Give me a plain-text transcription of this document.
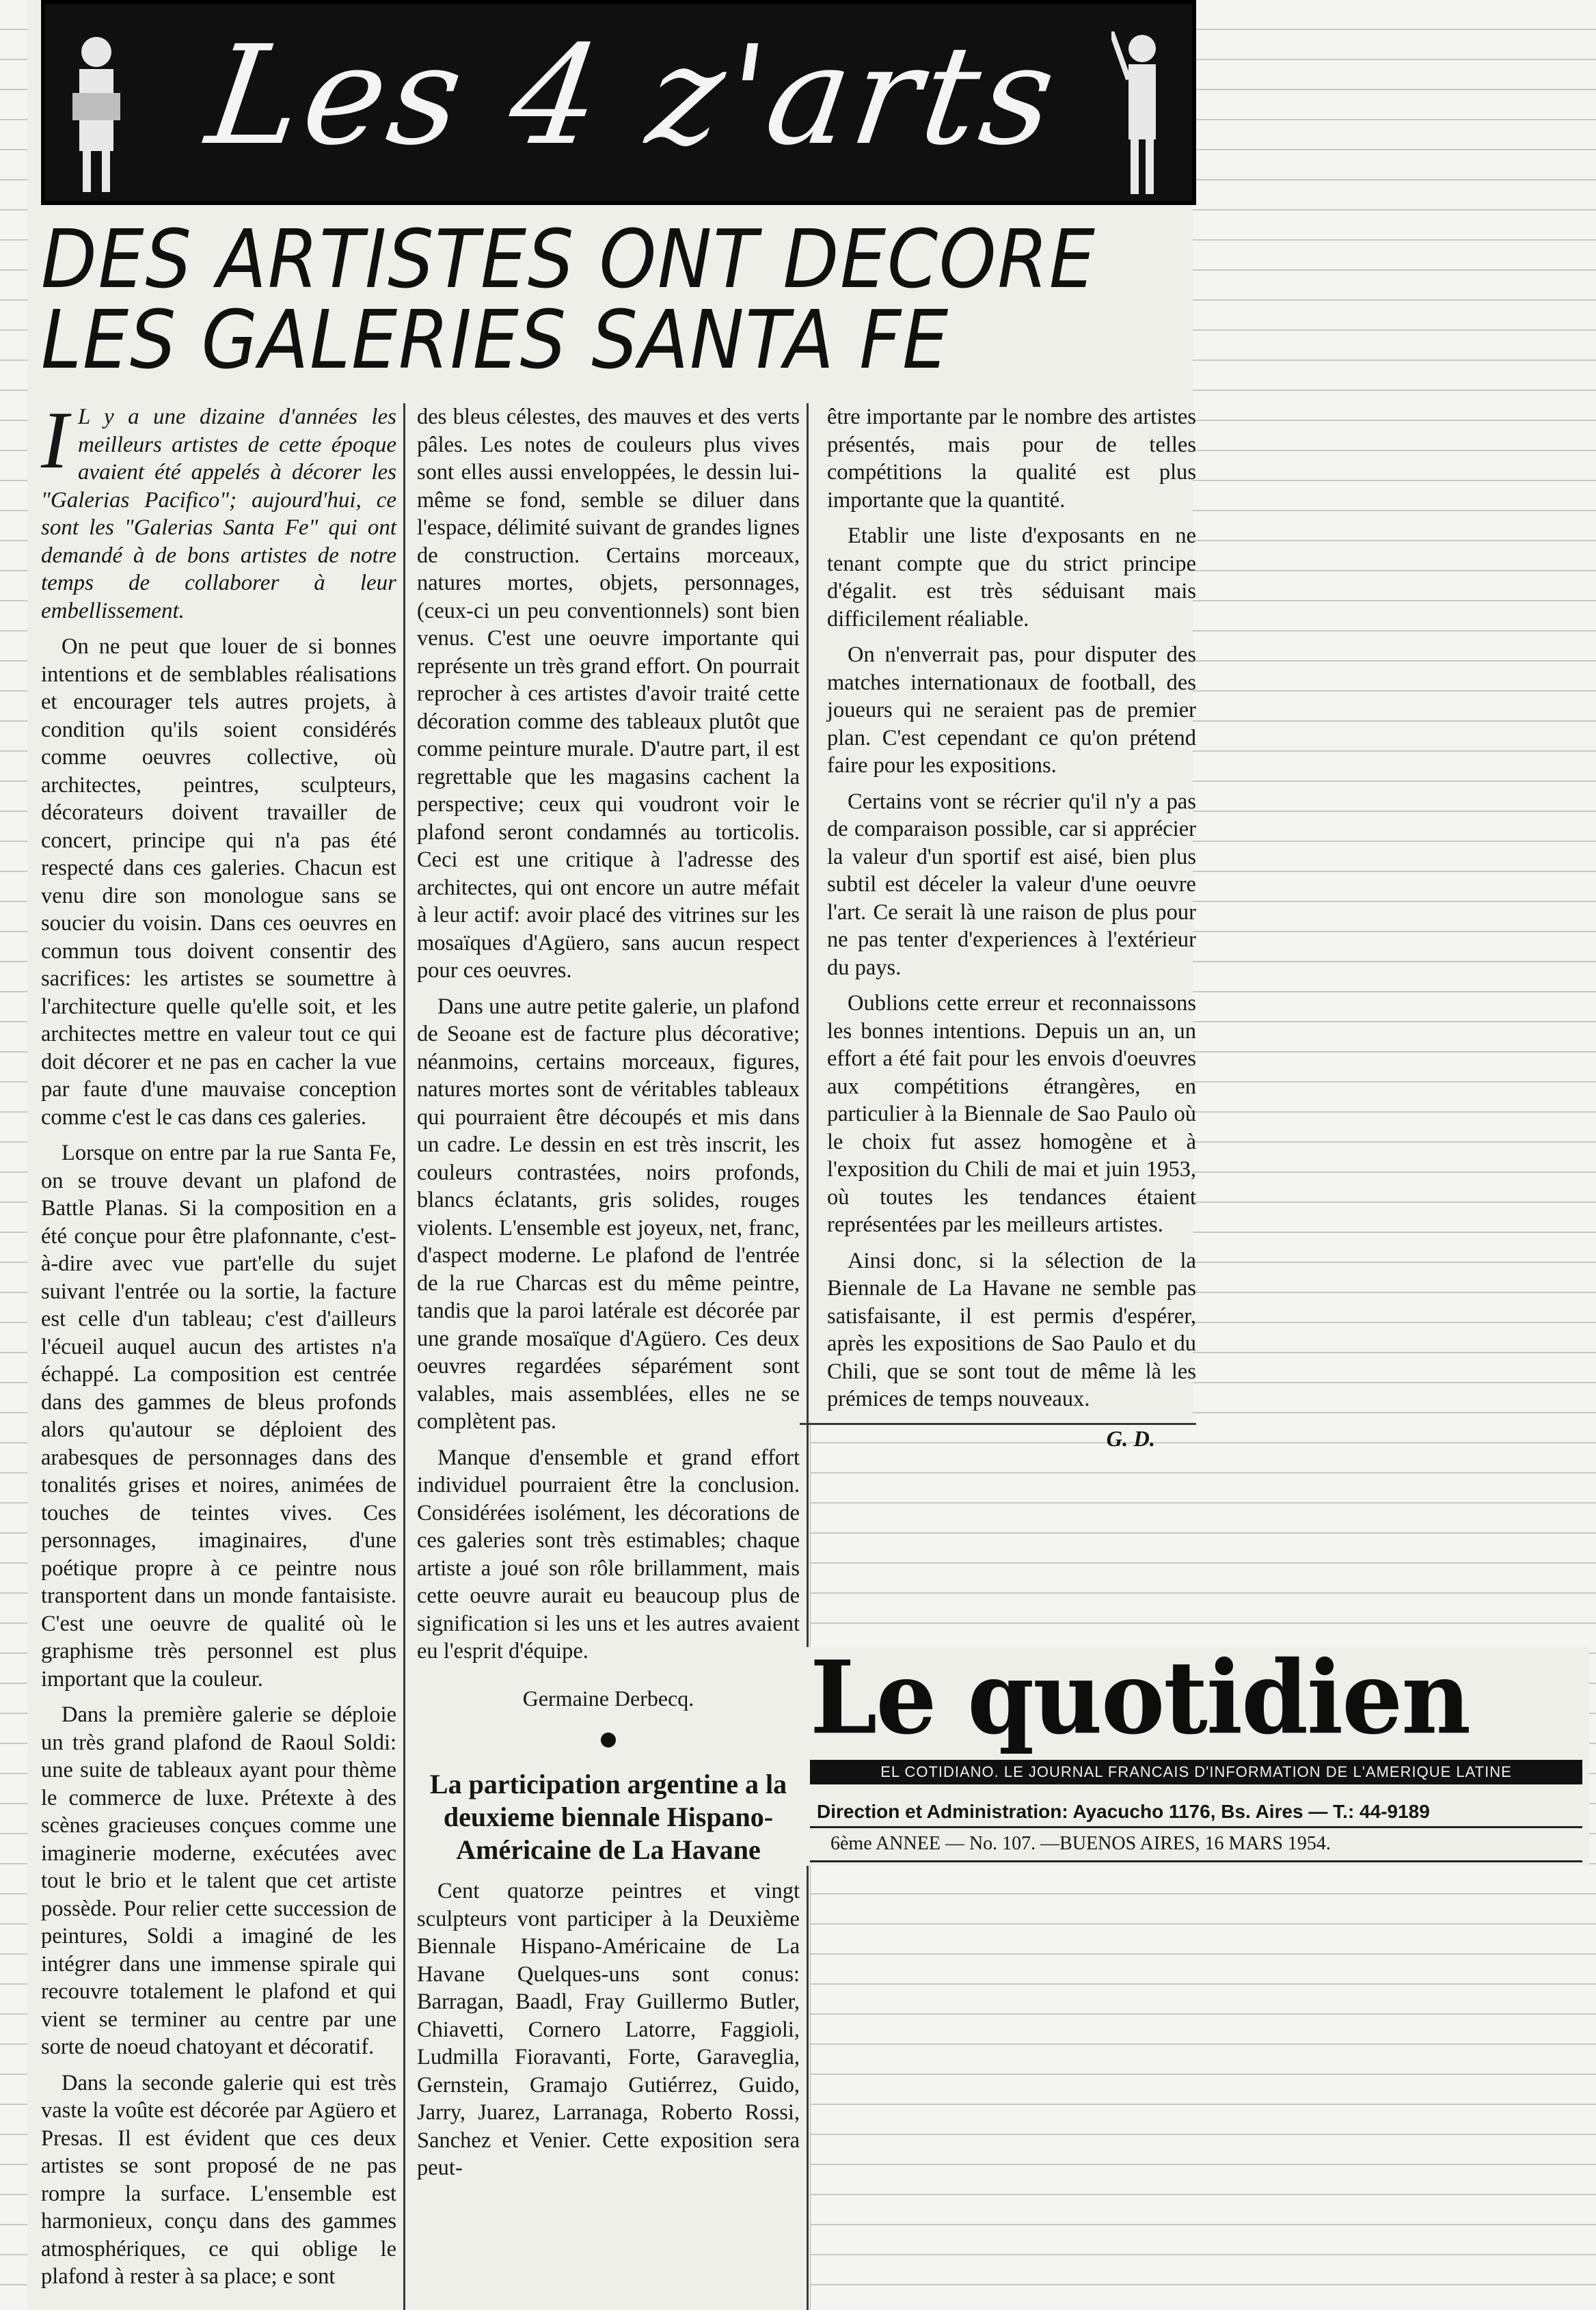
Les 4 z'arts
DES ARTISTES ONT DECORE
LES GALERIES SANTA FE

I L y a une dizaine d'années les meilleurs artistes de cette époque avaient été appelés à décorer les "Galerias Pacifico"; aujourd'hui, ce sont les "Galerias Santa Fe" qui ont demandé à de bons artistes de notre temps de collaborer à leur embellissement.

On ne peut que louer de si bonnes intentions et de semblables réalisations et encourager tels autres projets, à condition qu'ils soient considérés comme oeuvres collective, où architectes, peintres, sculpteurs, décorateurs doivent travailler de concert, principe qui n'a pas été respecté dans ces galeries. Chacun est venu dire son monologue sans se soucier du voisin. Dans ces oeuvres en commun tous doivent consentir des sacrifices: les artistes se soumettre à l'architecture quelle qu'elle soit, et les architectes mettre en valeur tout ce qui doit décorer et ne pas en cacher la vue par faute d'une mauvaise conception comme c'est le cas dans ces galeries.

Lorsque on entre par la rue Santa Fe, on se trouve devant un plafond de Battle Planas. Si la composition en a été conçue pour être plafonnante, c'est-à-dire avec vue part'elle du sujet suivant l'entrée ou la sortie, la facture est celle d'un tableau; c'est d'ailleurs l'écueil auquel aucun des artistes n'a échappé. La composition est centrée dans des gammes de bleus profonds alors qu'autour se déploient des arabesques de personnages dans des tonalités grises et noires, animées de touches de teintes vives. Ces personnages, imaginaires, d'une poétique propre à ce peintre nous transportent dans un monde fantaisiste. C'est une oeuvre de qualité où le graphisme très personnel est plus important que la couleur.

Dans la première galerie se déploie un très grand plafond de Raoul Soldi: une suite de tableaux ayant pour thème le commerce de luxe. Prétexte à des scènes gracieuses conçues comme une imaginerie moderne, exécutées avec tout le brio et le talent que cet artiste possède. Pour relier cette succession de peintures, Soldi a imaginé de les intégrer dans une immense spirale qui recouvre totalement le plafond et qui vient se terminer au centre par une sorte de noeud chatoyant et décoratif.

Dans la seconde galerie qui est très vaste la voûte est décorée par Agüero et Presas. Il est évident que ces deux artistes se sont proposé de ne pas rompre la surface. L'ensemble est harmonieux, conçu dans des gammes atmosphériques, ce qui oblige le plafond à rester à sa place; e sont

des bleus célestes, des mauves et des verts pâles. Les notes de couleurs plus vives sont elles aussi enveloppées, le dessin lui-même se fond, semble se diluer dans l'espace, délimité suivant de grandes lignes de construction. Certains morceaux, natures mortes, objets, personnages, (ceux-ci un peu conventionnels) sont bien venus. C'est une oeuvre importante qui représente un très grand effort. On pourrait reprocher à ces artistes d'avoir traité cette décoration comme des tableaux plutôt que comme peinture murale. D'autre part, il est regrettable que les magasins cachent la perspective; ceux qui voudront voir le plafond seront condamnés au torticolis. Ceci est une critique à l'adresse des architectes, qui ont encore un autre méfait à leur actif: avoir placé des vitrines sur les mosaïques d'Agüero, sans aucun respect pour ces oeuvres.

Dans une autre petite galerie, un plafond de Seoane est de facture plus décorative; néanmoins, certains morceaux, figures, natures mortes sont de véritables tableaux qui pourraient être découpés et mis dans un cadre. Le dessin en est très inscrit, les couleurs contrastées, noirs profonds, blancs éclatants, gris solides, rouges violents. L'ensemble est joyeux, net, franc, d'aspect moderne. Le plafond de l'entrée de la rue Charcas est du même peintre, tandis que la paroi latérale est décorée par une grande mosaïque d'Agüero. Ces deux oeuvres regardées séparément sont valables, mais assemblées, elles ne se complètent pas.

Manque d'ensemble et grand effort individuel pourraient être la conclusion. Considérées isolément, les décorations de ces galeries sont très estimables; chaque artiste a joué son rôle brillamment, mais cette oeuvre aurait eu beaucoup plus de signification si les uns et les autres avaient eu l'esprit d'équipe.

Germaine Derbecq.
La participation argentine a la deuxieme biennale Hispano-Américaine de La Havane

Cent quatorze peintres et vingt sculpteurs vont participer à la Deuxième Biennale Hispano-Américaine de La Havane Quelques-uns sont conus: Barragan, Baadl, Fray Guillermo Butler, Chiavetti, Cornero Latorre, Faggioli, Ludmilla Fioravanti, Forte, Garaveglia, Gernstein, Gramajo Gutiérrez, Guido, Jarry, Juarez, Larranaga, Roberto Rossi, Sanchez et Venier. Cette exposition sera peut-

être importante par le nombre des artistes présentés, mais pour de telles compétitions la qualité est plus importante que la quantité.

Etablir une liste d'exposants en ne tenant compte que du strict principe d'égalit. est très séduisant mais difficilement réaliable.

On n'enverrait pas, pour disputer des matches internationaux de football, des joueurs qui ne seraient pas de premier plan. C'est cependant ce qu'on prétend faire pour les expositions.

Certains vont se récrier qu'il n'y a pas de comparaison possible, car si apprécier la valeur d'un sportif est aisé, bien plus subtil est déceler la valeur d'une oeuvre l'art. Ce serait là une raison de plus pour ne pas tenter d'experiences à l'extérieur du pays.

Oublions cette erreur et reconnaissons les bonnes intentions. Depuis un an, un effort a été fait pour les envois d'oeuvres aux compétitions étrangères, en particulier à la Biennale de Sao Paulo où le choix fut assez homogène et à l'exposition du Chili de mai et juin 1953, où toutes les tendances étaient représentées par les meilleurs artistes.

Ainsi donc, si la sélection de la Biennale de La Havane ne semble pas satisfaisante, il est permis d'espérer, après les expositions de Sao Paulo et du Chili, que se sont tout de même là les prémices de temps nouveaux.

G. D.
Le quotidien
EL COTIDIANO. LE JOURNAL FRANCAIS D'INFORMATION DE L'AMERIQUE LATINE
Direction et Administration: Ayacucho 1176, Bs. Aires — T.: 44-9189
6ème ANNEE — No. 107. —BUENOS AIRES, 16 MARS 1954.
